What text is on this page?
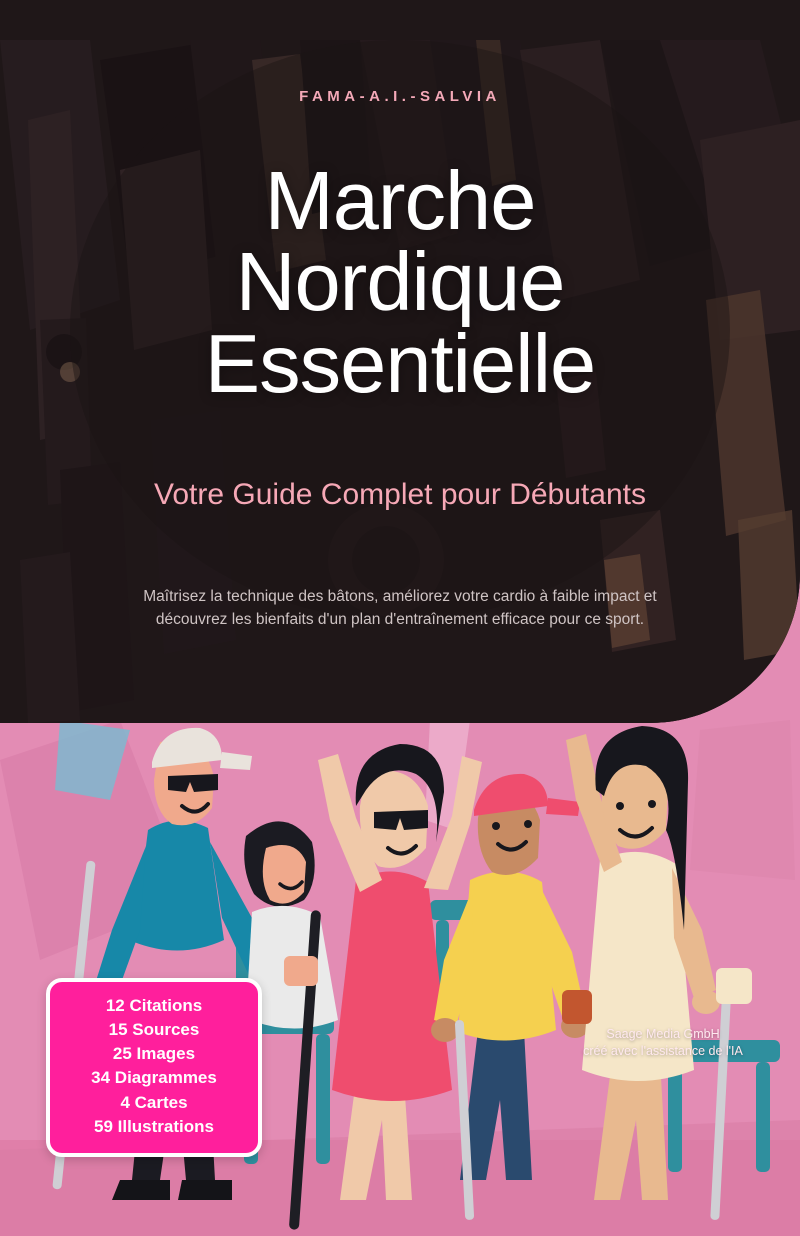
FAMA-A.I.-SALVIA
Marche
Nordique
Essentielle
Votre Guide Complet pour Débutants
Maîtrisez la technique des bâtons, améliorez votre cardio à faible impact et découvrez les bienfaits d'un plan d'entraînement efficace pour ce sport.
12 Citations
15 Sources
25 Images
34 Diagrammes
4 Cartes
59 Illustrations
Saage Media GmbH
créé avec l'assistance de l'IA
